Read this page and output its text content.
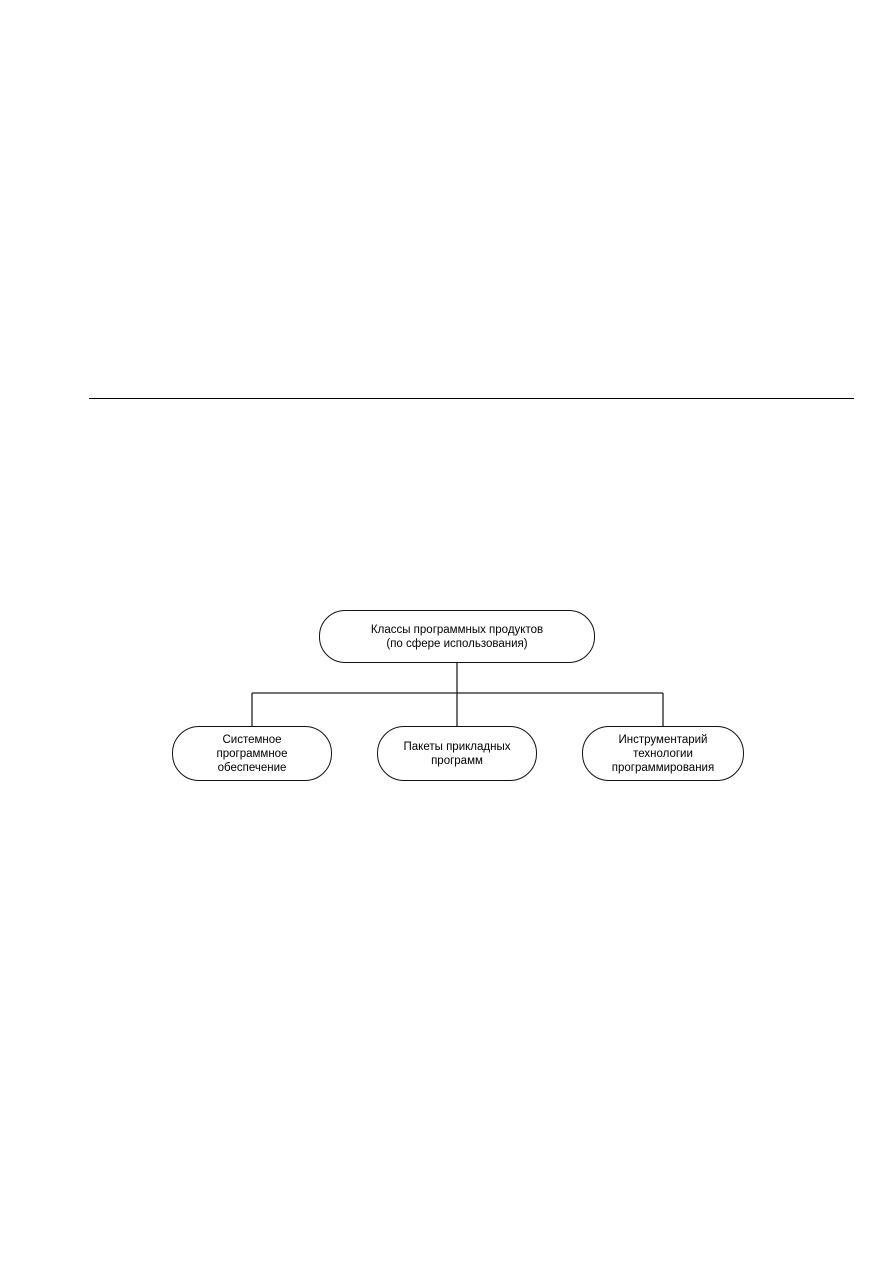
Классы программных продуктов
(по сфере использования)
Системное
программное
обеспечение
Пакеты прикладных
программ
Инструментарий
технологии
программирования
